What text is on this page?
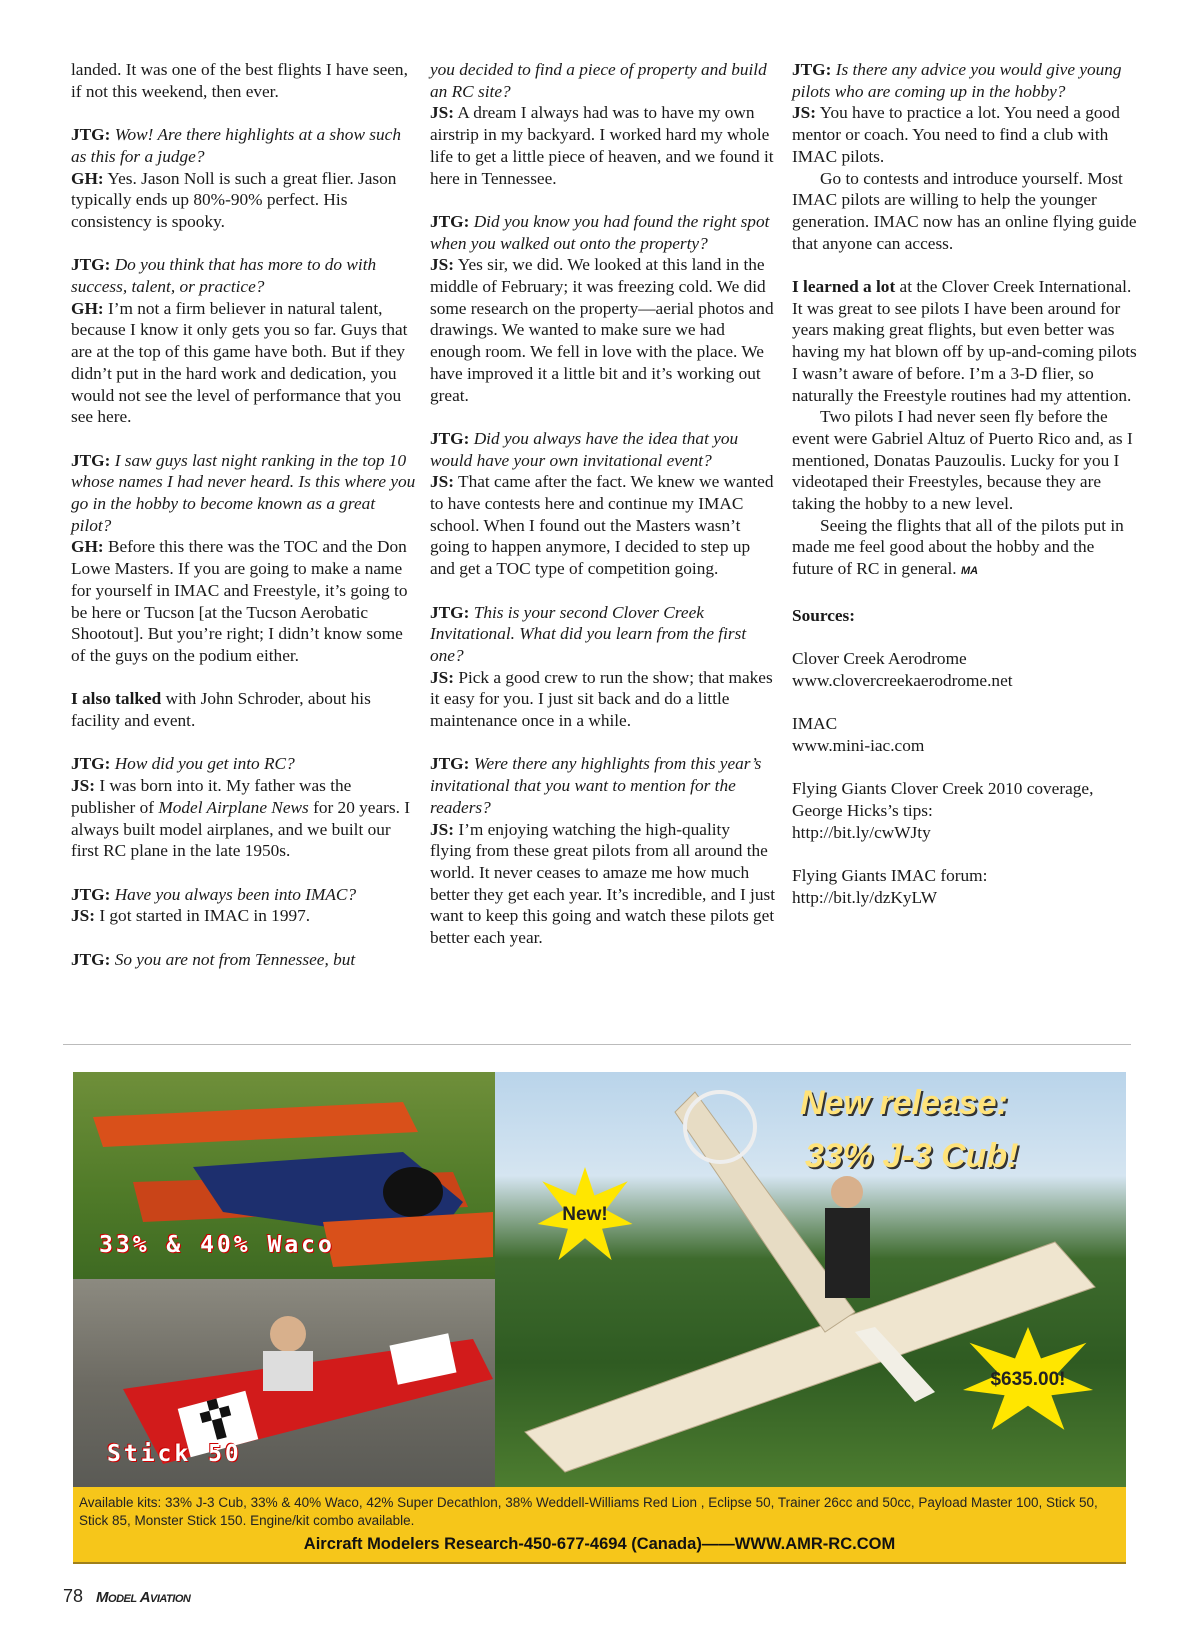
landed. It was one of the best flights I have seen, if not this weekend, then ever.

JTG: Wow! Are there highlights at a show such as this for a judge?
GH: Yes. Jason Noll is such a great flier. Jason typically ends up 80%-90% perfect. His consistency is spooky.

JTG: Do you think that has more to do with success, talent, or practice?
GH: I’m not a firm believer in natural talent, because I know it only gets you so far. Guys that are at the top of this game have both. But if they didn’t put in the hard work and dedication, you would not see the level of performance that you see here.

JTG: I saw guys last night ranking in the top 10 whose names I had never heard. Is this where you go in the hobby to become known as a great pilot?
GH: Before this there was the TOC and the Don Lowe Masters. If you are going to make a name for yourself in IMAC and Freestyle, it’s going to be here or Tucson [at the Tucson Aerobatic Shootout]. But you’re right; I didn’t know some of the guys on the podium either.

I also talked with John Schroder, about his facility and event.

JTG: How did you get into RC?
JS: I was born into it. My father was the publisher of Model Airplane News for 20 years. I always built model airplanes, and we built our first RC plane in the late 1950s.

JTG: Have you always been into IMAC?
JS: I got started in IMAC in 1997.

JTG: So you are not from Tennessee, but

you decided to find a piece of property and build an RC site?
JS: A dream I always had was to have my own airstrip in my backyard. I worked hard my whole life to get a little piece of heaven, and we found it here in Tennessee.

JTG: Did you know you had found the right spot when you walked out onto the property?
JS: Yes sir, we did. We looked at this land in the middle of February; it was freezing cold. We did some research on the property—aerial photos and drawings. We wanted to make sure we had enough room. We fell in love with the place. We have improved it a little bit and it’s working out great.

JTG: Did you always have the idea that you would have your own invitational event?
JS: That came after the fact. We knew we wanted to have contests here and continue my IMAC school. When I found out the Masters wasn’t going to happen anymore, I decided to step up and get a TOC type of competition going.

JTG: This is your second Clover Creek Invitational. What did you learn from the first one?
JS: Pick a good crew to run the show; that makes it easy for you. I just sit back and do a little maintenance once in a while.

JTG: Were there any highlights from this year’s invitational that you want to mention for the readers?
JS: I’m enjoying watching the high-quality flying from these great pilots from all around the world. It never ceases to amaze me how much better they get each year. It’s incredible, and I just want to keep this going and watch these pilots get better each year.

JTG: Is there any advice you would give young pilots who are coming up in the hobby?
JS: You have to practice a lot. You need a good mentor or coach. You need to find a club with IMAC pilots.

Go to contests and introduce yourself. Most IMAC pilots are willing to help the younger generation. IMAC now has an online flying guide that anyone can access.

I learned a lot at the Clover Creek International. It was great to see pilots I have been around for years making great flights, but even better was having my hat blown off by up-and-coming pilots I wasn’t aware of before. I’m a 3-D flier, so naturally the Freestyle routines had my attention.

Two pilots I had never seen fly before the event were Gabriel Altuz of Puerto Rico and, as I mentioned, Donatas Pauzoulis. Lucky for you I videotaped their Freestyles, because they are taking the hobby to a new level.

Seeing the flights that all of the pilots put in made me feel good about the hobby and the future of RC in general. MA

Sources:

Clover Creek Aerodrome
www.clovercreekaerodrome.net

IMAC
www.mini-iac.com

Flying Giants Clover Creek 2010 coverage, George Hicks’s tips:
http://bit.ly/cwWJty

Flying Giants IMAC forum:
http://bit.ly/dzKyLW

33% & 40% Waco
Stick 50
New release:
33% J-3 Cub!
New!
$635.00!
Available kits: 33% J-3 Cub, 33% & 40% Waco, 42% Super Decathlon, 38% Weddell-Williams Red Lion , Eclipse 50, Trainer 26cc and 50cc, Payload Master 100, Stick 50, Stick 85, Monster Stick 150. Engine/kit combo available.
Aircraft Modelers Research-450-677-4694 (Canada)——WWW.AMR-RC.COM
78 Model Aviation
